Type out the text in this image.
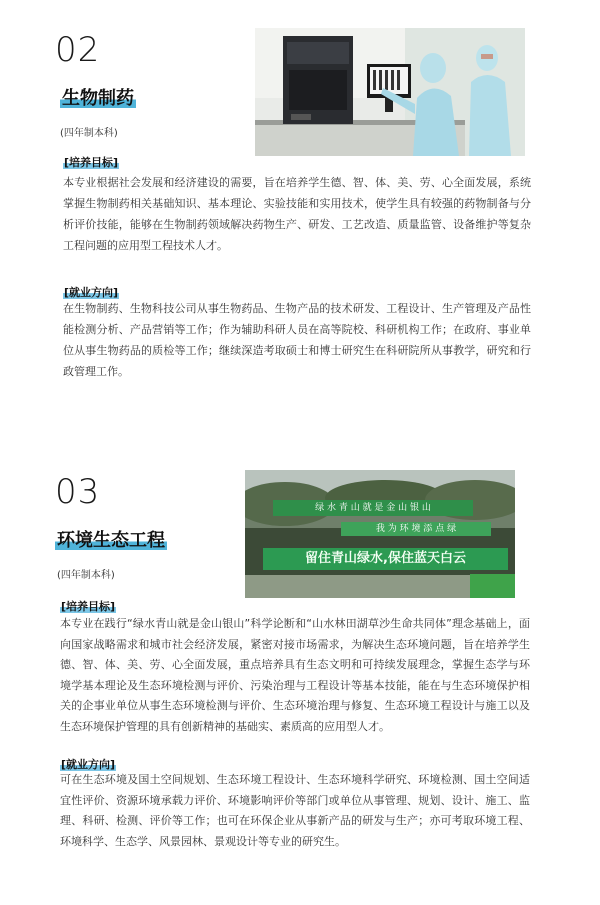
02
生物制药
(四年制本科)
[培养目标]
本专业根据社会发展和经济建设的需要，旨在培养学生德、智、体、美、劳、心全面发展，系统掌握生物制药相关基础知识、基本理论、实验技能和实用技术，使学生具有较强的药物制备与分析评价技能，能够在生物制药领域解决药物生产、研发、工艺改造、质量监管、设备维护等复杂工程问题的应用型工程技术人才。
[就业方向]
在生物制药、生物科技公司从事生物药品、生物产品的技术研发、工程设计、生产管理及产品性能检测分析、产品营销等工作；作为辅助科研人员在高等院校、科研机构工作；在政府、事业单位从事生物药品的质检等工作；继续深造考取硕士和博士研究生在科研院所从事教学，研究和行政管理工作。
03	绿 水 青 山 就 是 金 山 银 山
我 为 环 境 添 点 绿
留住青山绿水,保住蓝天白云
环境生态工程
(四年制本科)
[培养目标]
本专业在践行“绿水青山就是金山银山”科学论断和“山水林田湖草沙生命共同体”理念基础上，面向国家战略需求和城市社会经济发展，紧密对接市场需求，为解决生态环境问题，旨在培养学生德、智、体、美、劳、心全面发展，重点培养具有生态文明和可持续发展理念，掌握生态学与环境学基本理论及生态环境检测与评价、污染治理与工程设计等基本技能，能在与生态环境保护相关的企事业单位从事生态环境检测与评价、生态环境治理与修复、生态环境工程设计与施工以及生态环境保护管理的具有创新精神的基础实、素质高的应用型人才。
[就业方向]
可在生态环境及国土空间规划、生态环境工程设计、生态环境科学研究、环境检测、国土空间适宜性评价、资源环境承载力评价、环境影响评价等部门或单位从事管理、规划、设计、施工、监理、科研、检测、评价等工作；也可在环保企业从事新产品的研发与生产；亦可考取环境工程、环境科学、生态学、风景园林、景观设计等专业的研究生。
